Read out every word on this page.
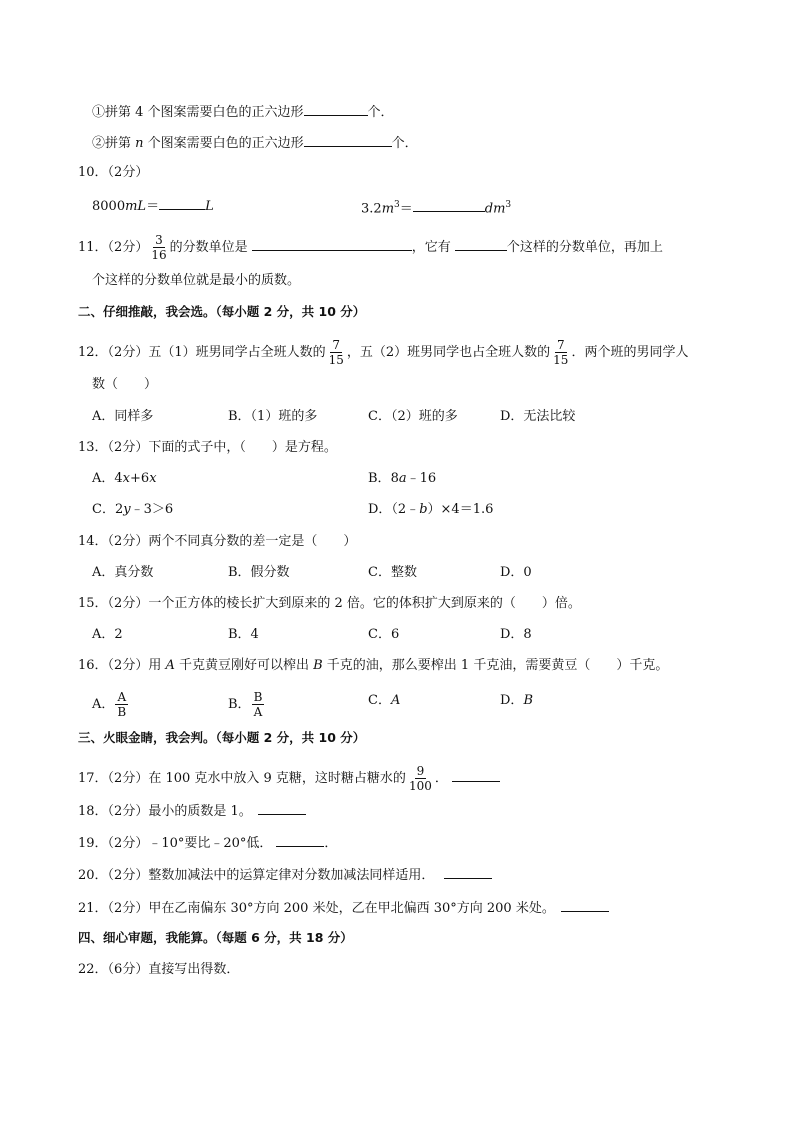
①拼第 4 个图案需要白色的正六边形	个．
②拼第 n 个图案需要白色的正六边形	个．
10．（2分）
8000mL＝	L	$3.2m^3=$	$dm^3$
11．（2分） $\frac{3}{16}$ 的分数单位是	，它有	个这样的分数单位，再加上
个这样的分数单位就是最小的质数。
二、仔细推敲，我会选。（每小题 2 分，共 10 分）
12．（2分）五（1）班男同学占全班人数的 $\frac{7}{15}$ ，五（2）班男同学也占全班人数的 $\frac{7}{15}$ ．两个班的男同学人
数（　　）
A．同样多	B．（1）班的多	C．（2）班的多	D．无法比较
13．（2分）下面的式子中，（　　）是方程。
A．4x+6x	B．8a﹣16
C．2y﹣3＞6	D．（2﹣b）×4＝1.6
14．（2分）两个不同真分数的差一定是（　　）
A．真分数	B．假分数	C．整数	D．0
15．（2分）一个正方体的棱长扩大到原来的 2 倍。它的体积扩大到原来的（　　）倍。
A．2	B．4	C．6	D．8
16．（2分）用 A 千克黄豆刚好可以榨出 B 千克的油，那么要榨出 1 千克油，需要黄豆（　　）千克。
A． $\frac{A}{B}$	B． $\frac{B}{A}$	C．A	D．B
三、火眼金睛，我会判。（每小题 2 分，共 10 分）
17．（2分）在 100 克水中放入 9 克糖，这时糖占糖水的 $\frac{9}{100}$ ．
18．（2分）最小的质数是 1。
19．（2分）﹣10°要比﹣20°低．	．
20．（2分）整数加减法中的运算定律对分数加减法同样适用．
21．（2分）甲在乙南偏东 30°方向 200 米处，乙在甲北偏西 30°方向 200 米处。
四、细心审题，我能算。（每题 6 分，共 18 分）
22．（6分）直接写出得数．
